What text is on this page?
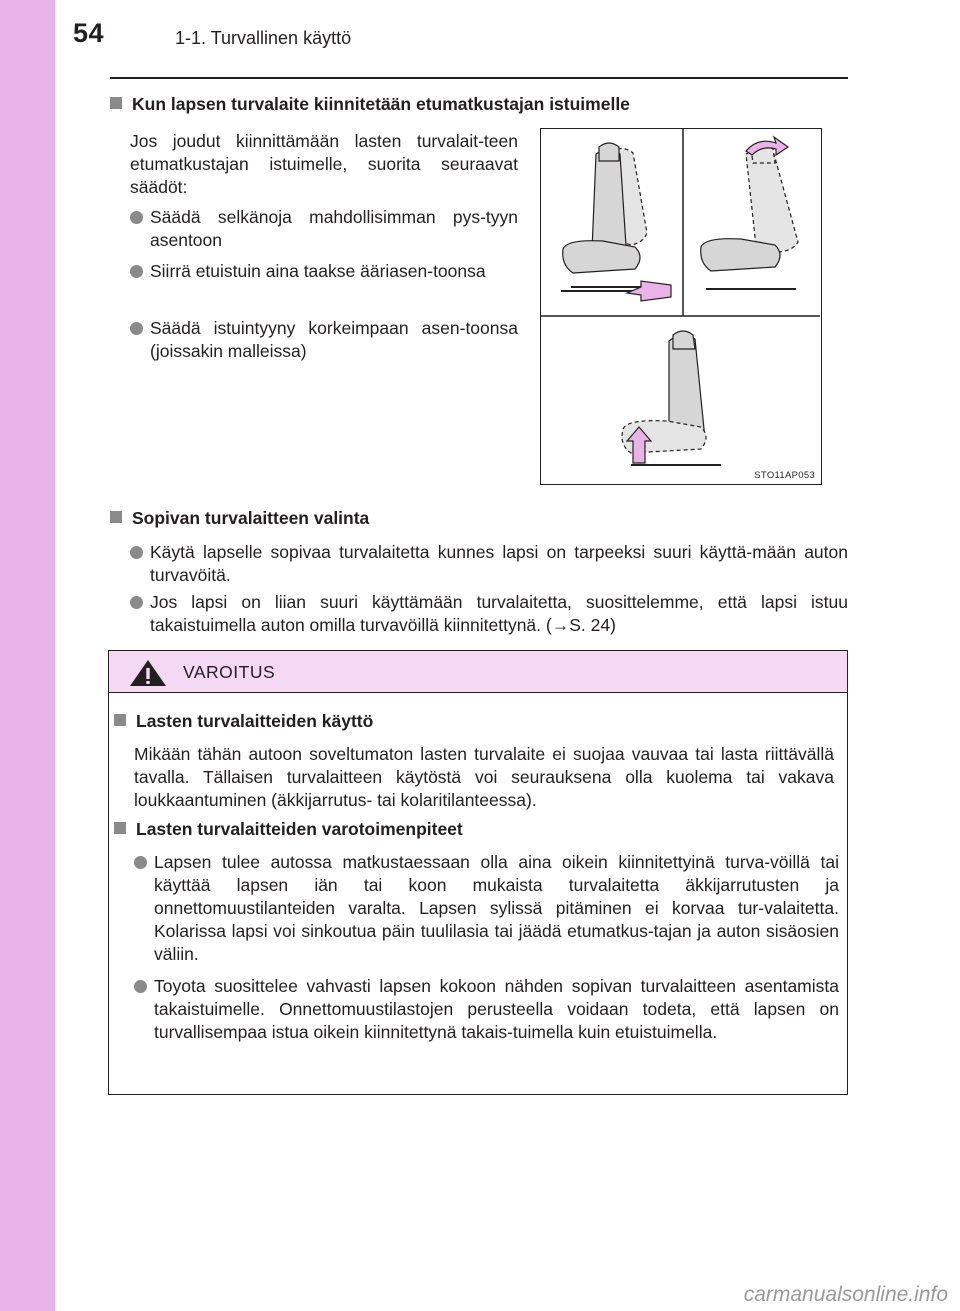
54	1-1. Turvallinen käyttö
Kun lapsen turvalaite kiinnitetään etumatkustajan istuimelle
Jos joudut kiinnittämään lasten turvalait-teen etumatkustajan istuimelle, suorita seuraavat säädöt:
Säädä selkänoja mahdollisimman pys-tyyn asentoon
Siirrä etuistuin aina taakse ääriasen-toonsa
Säädä istuintyyny korkeimpaan asen-toonsa (joissakin malleissa)
STO11AP053
Sopivan turvalaitteen valinta
Käytä lapselle sopivaa turvalaitetta kunnes lapsi on tarpeeksi suuri käyttä-mään auton turvavöitä.
Jos lapsi on liian suuri käyttämään turvalaitetta, suosittelemme, että lapsi istuu takaistuimella auton omilla turvavöillä kiinnitettynä. (→S. 24)
VAROITUS
Lasten turvalaitteiden käyttö
Mikään tähän autoon soveltumaton lasten turvalaite ei suojaa vauvaa tai lasta riittävällä tavalla. Tällaisen turvalaitteen käytöstä voi seurauksena olla kuolema tai vakava loukkaantuminen (äkkijarrutus- tai kolaritilanteessa).
Lasten turvalaitteiden varotoimenpiteet
Lapsen tulee autossa matkustaessaan olla aina oikein kiinnitettyinä turva-vöillä tai käyttää lapsen iän tai koon mukaista turvalaitetta äkkijarrutusten ja onnettomuustilanteiden varalta. Lapsen sylissä pitäminen ei korvaa tur-valaitetta. Kolarissa lapsi voi sinkoutua päin tuulilasia tai jäädä etumatkus-tajan ja auton sisäosien väliin.
Toyota suosittelee vahvasti lapsen kokoon nähden sopivan turvalaitteen asentamista takaistuimelle. Onnettomuustilastojen perusteella voidaan todeta, että lapsen on turvallisempaa istua oikein kiinnitettynä takais-tuimella kuin etuistuimella.
carmanualsonline.info
